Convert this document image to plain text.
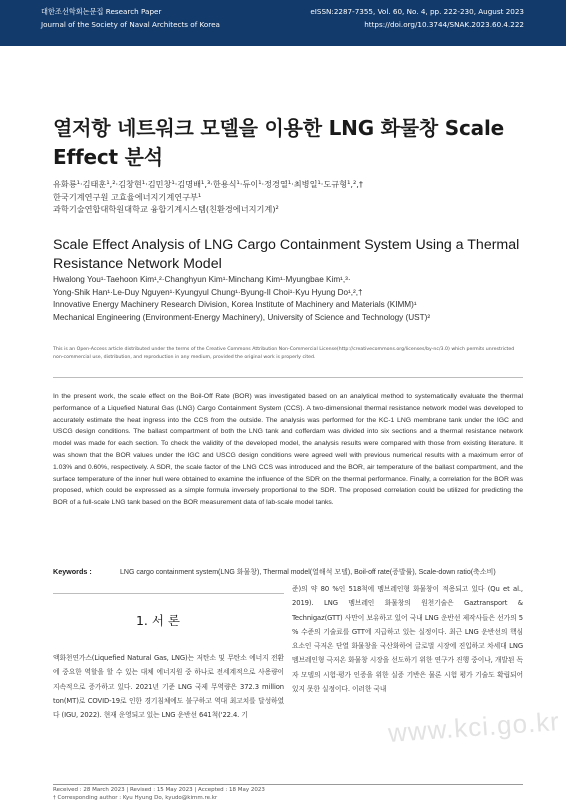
대한조선학회논문집 Research Paper
Journal of the Society of Naval Architects of Korea
eISSN:2287-7355, Vol. 60, No. 4, pp. 222-230, August 2023
https://doi.org/10.3744/SNAK.2023.60.4.222
열저항 네트워크 모델을 이용한 LNG 화물창 Scale Effect 분석
유화룡¹·김태훈¹,²·김창현¹·김민창¹·김명배¹,³·한용식¹·듀이¹·정경열¹·최병일¹·도규형¹,²,†
한국기계연구원 고효율에너지기계연구부¹
과학기술연합대학원대학교 융합기계시스템(친환경에너지기계)²
Scale Effect Analysis of LNG Cargo Containment System Using a Thermal Resistance Network Model
Hwalong You¹·Taehoon Kim¹,²·Changhyun Kim¹·Minchang Kim¹·Myungbae Kim¹,³·
Yong-Shik Han¹·Le-Duy Nguyen¹·Kyungyul Chung¹·Byung-Il Choi¹·Kyu Hyung Do¹,²,†
Innovative Energy Machinery Research Division, Korea Institute of Machinery and Materials (KIMM)¹
Mechanical Engineering (Environment-Energy Machinery), University of Science and Technology (UST)²
This is an Open-Access article distributed under the terms of the Creative Commons Attribution Non-Commercial License(http://creativecommons.org/licenses/by-nc/3.0) which permits unrestricted non-commercial use, distribution, and reproduction in any medium, provided the original work is properly cited.
In the present work, the scale effect on the Boil-Off Rate (BOR) was investigated based on an analytical method to systematically evaluate the thermal performance of a Liquefied Natural Gas (LNG) Cargo Containment System (CCS). A two-dimensional thermal resistance network model was developed to accurately estimate the heat ingress into the CCS from the outside. The analysis was performed for the KC-1 LNG membrane tank under the IGC and USCG design conditions. The ballast compartment of both the LNG tank and cofferdam was divided into six sections and a thermal resistance network model was made for each section. To check the validity of the developed model, the analysis results were compared with those from existing literature. It was shown that the BOR values under the IGC and USCG design conditions were agreed well with previous numerical results with a maximum error of 1.03% and 0.60%, respectively. A SDR, the scale factor of the LNG CCS was introduced and the BOR, air temperature of the ballast compartment, and the surface temperature of the inner hull were obtained to examine the influence of the SDR on the thermal performance. Finally, a correlation for the BOR was proposed, which could be expressed as a simple formula inversely proportional to the SDR. The proposed correlation could be utilized for predicting the BOR of a full-scale LNG tank based on the BOR measurement data of lab-scale model tanks.
Keywords :	LNG cargo containment system(LNG 화물창), Thermal model(열해석 모델), Boil-off rate(증발률), Scale-down ratio(축소비)
1. 서 론
액화천연가스(Liquefied Natural Gas, LNG)는 저탄소 및 무탄소 에너지 전환에 중요한 역할을 할 수 있는 대체 에너지원 중 하나로 전세계적으로 사용량이 지속적으로 증가하고 있다. 2021년 기준 LNG 국제 무역량은 372.3 million ton(MT)로 COVID-19로 인한 경기침체에도 불구하고 역대 최고치를 달성하였다 (IGU, 2022). 현재 운영되고 있는 LNG 운반선 641척('22.4. 기
준)의 약 80 %인 518척에 멤브레인형 화물창이 적용되고 있다 (Qu et al., 2019). LNG 멤브레인 화물창의 원천기술은 Gaztransport & Technigaz(GTT) 사만이 보유하고 있어 국내 LNG 운반선 제작사들은 선가의 5 % 수준의 기술료를 GTT에 지급하고 있는 실정이다. 최근 LNG 운반선의 핵심 요소인 극저온 단열 화물창을 국산화하여 글로벌 시장에 진입하고 차세대 LNG 멤브레인형 극저온 화물창 시장을 선도하기 위한 연구가 진행 중이나, 개발된 독자 모델의 시험·평가 인증을 위한 실증 기반은 물론 시험 평가 기술도 확립되어 있지 못한 실정이다. 이러한 국내
www.kci.go.kr
Received : 28 March 2023 | Revised : 15 May 2023 | Accepted : 18 May 2023
† Corresponding author : Kyu Hyung Do, kyudo@kimm.re.kr
